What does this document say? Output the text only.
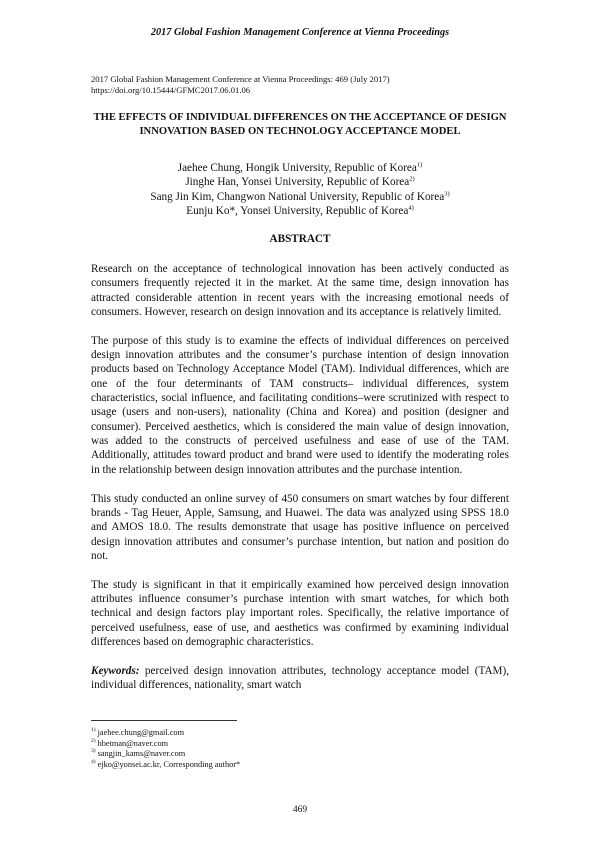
2017 Global Fashion Management Conference at Vienna Proceedings
2017 Global Fashion Management Conference at Vienna Proceedings: 469 (July 2017)
https://doi.org/10.15444/GFMC2017.06.01.06
THE EFFECTS OF INDIVIDUAL DIFFERENCES ON THE ACCEPTANCE OF DESIGN INNOVATION BASED ON TECHNOLOGY ACCEPTANCE MODEL
Jaehee Chung, Hongik University, Republic of Korea$^{1)}$
Jinghe Han, Yonsei University, Republic of Korea$^{2)}$
Sang Jin Kim, Changwon National University, Republic of Korea$^{3)}$
Eunju Ko*, Yonsei University, Republic of Korea$^{4)}$
ABSTRACT

Research on the acceptance of technological innovation has been actively conducted as consumers frequently rejected it in the market. At the same time, design innovation has attracted considerable attention in recent years with the increasing emotional needs of consumers. However, research on design innovation and its acceptance is relatively limited.

The purpose of this study is to examine the effects of individual differences on perceived design innovation attributes and the consumer’s purchase intention of design innovation products based on Technology Acceptance Model (TAM). Individual differences, which are one of the four determinants of TAM constructs– individual differences, system characteristics, social influence, and facilitating conditions–were scrutinized with respect to usage (users and non-users), nationality (China and Korea) and position (designer and consumer). Perceived aesthetics, which is considered the main value of design innovation, was added to the constructs of perceived usefulness and ease of use of the TAM. Additionally, attitudes toward product and brand were used to identify the moderating roles in the relationship between design innovation attributes and the purchase intention.

This study conducted an online survey of 450 consumers on smart watches by four different brands - Tag Heuer, Apple, Samsung, and Huawei. The data was analyzed using SPSS 18.0 and AMOS 18.0. The results demonstrate that usage has positive influence on perceived design innovation attributes and consumer’s purchase intention, but nation and position do not.

The study is significant in that it empirically examined how perceived design innovation attributes influence consumer’s purchase intention with smart watches, for which both technical and design factors play important roles. Specifically, the relative importance of perceived usefulness, ease of use, and aesthetics was confirmed by examining individual differences based on demographic characteristics.

Keywords: perceived design innovation attributes, technology acceptance model (TAM), individual differences, nationality, smart watch

$^{1)}$ jaehee.chung@gmail.com
$^{2)}$ hbetman@naver.com
$^{3)}$ sangjin_kams@naver.com
$^{4)}$ ejko@yonsei.ac.kr, Corresponding author*
469
